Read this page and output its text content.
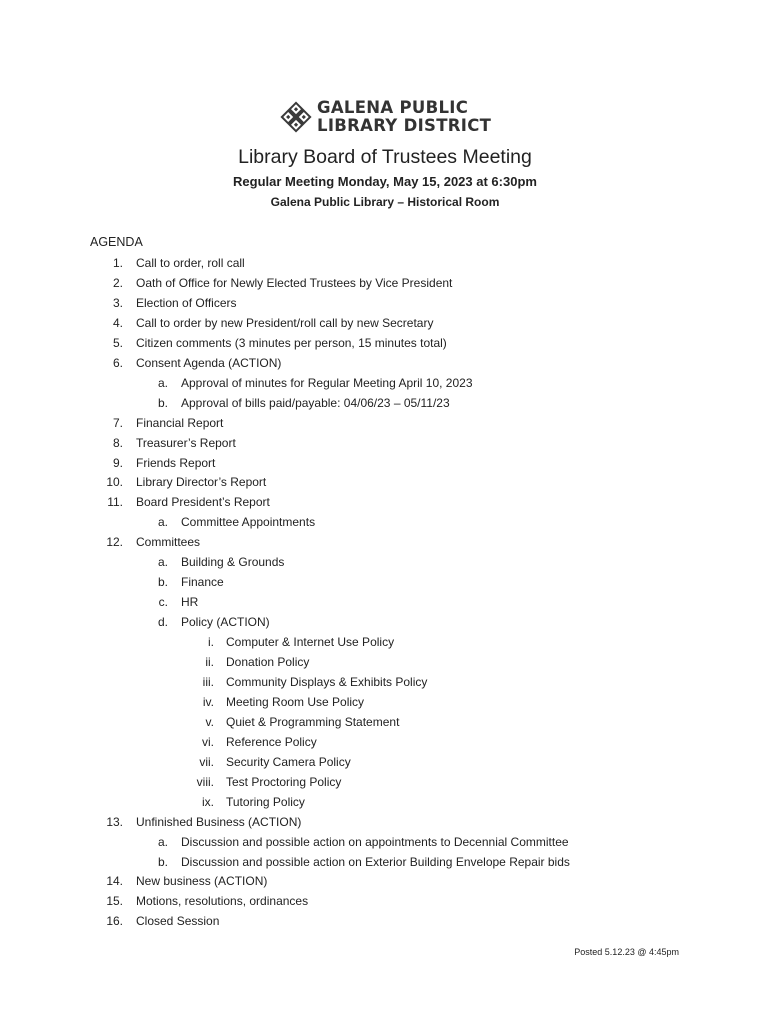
GALENA PUBLIC
LIBRARY DISTRICT
Library Board of Trustees Meeting
Regular Meeting Monday, May 15, 2023 at 6:30pm
Galena Public Library – Historical Room
AGENDA
1. Call to order, roll call
2. Oath of Office for Newly Elected Trustees by Vice President
3. Election of Officers
4. Call to order by new President/roll call by new Secretary
5. Citizen comments (3 minutes per person, 15 minutes total)
6. Consent Agenda (ACTION)
a. Approval of minutes for Regular Meeting April 10, 2023
b. Approval of bills paid/payable: 04/06/23 – 05/11/23
7. Financial Report
8. Treasurer’s Report
9. Friends Report
10. Library Director’s Report
11. Board President’s Report
a. Committee Appointments
12. Committees
a. Building & Grounds
b. Finance
c. HR
d. Policy (ACTION)
i. Computer & Internet Use Policy
ii. Donation Policy
iii. Community Displays & Exhibits Policy
iv. Meeting Room Use Policy
v. Quiet & Programming Statement
vi. Reference Policy
vii. Security Camera Policy
viii. Test Proctoring Policy
ix. Tutoring Policy
13. Unfinished Business (ACTION)
a. Discussion and possible action on appointments to Decennial Committee
b. Discussion and possible action on Exterior Building Envelope Repair bids
14. New business (ACTION)
15. Motions, resolutions, ordinances
16. Closed Session
Posted 5.12.23 @ 4:45pm
